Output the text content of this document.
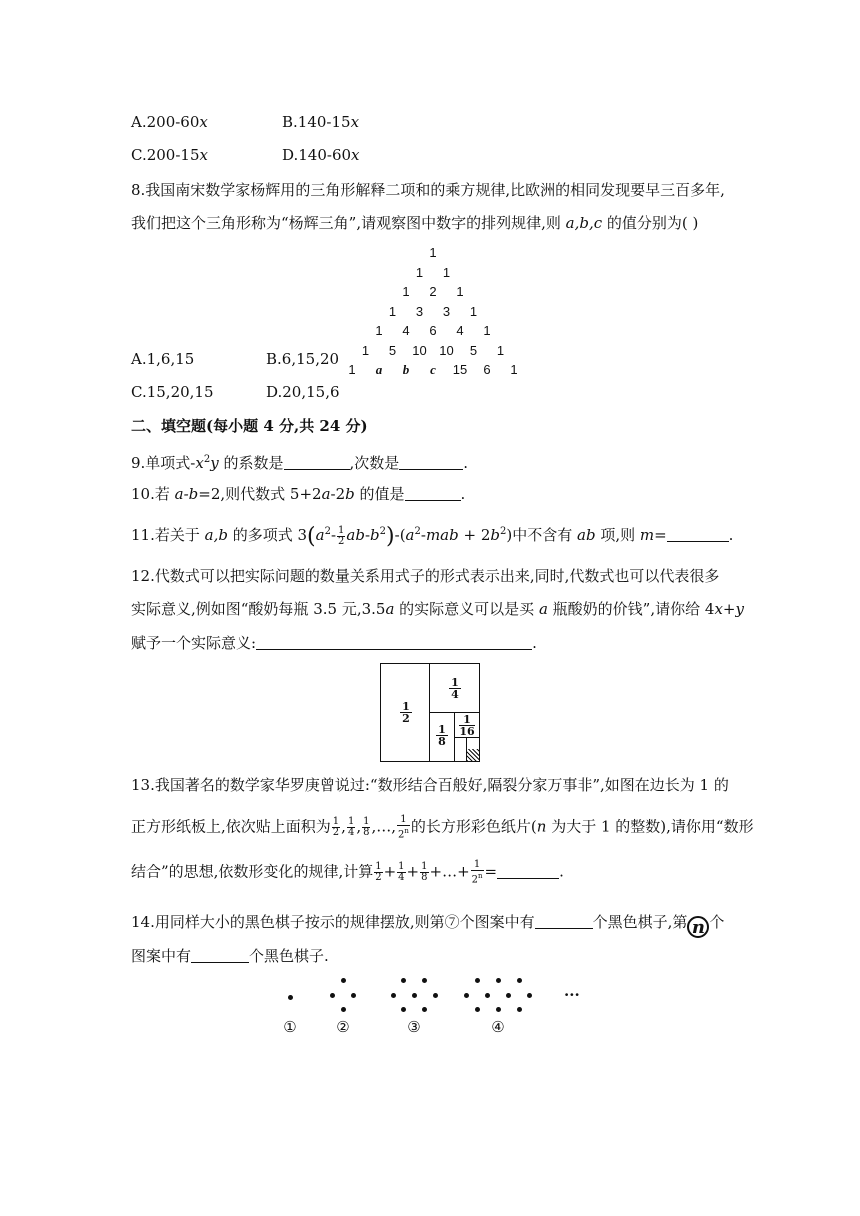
A.200-60x	B.140-15x
C.200-15x	D.140-60x
8.我国南宋数学家杨辉用的三角形解释二项和的乘方规律,比欧洲的相同发现要早三百多年,
我们把这个三角形称为“杨辉三角”,请观察图中数字的排列规律,则 a,b,c 的值分别为( )
1
1 1
1 2 1
1 3 3 1
1 4 6 4 1
1 5 10 10 5 1
1 a b c 15 6 1
A.1,6,15	B.6,15,20
C.15,20,15	D.20,15,6
二、填空题(每小题 4 分,共 24 分)
9.单项式$-x^2y$ 的系数是	,次数是	.
10.若 a-b=2,则代数式 5+2a-2b 的值是	.
11.若关于 a,b 的多项式 $3(a^2- \frac{1}{2} ab-b^2)-(a^2-mab + 2b^2)$中不含有 ab 项,则 m=	.
12.代数式可以把实际问题的数量关系用式子的形式表示出来,同时,代数式也可以代表很多
实际意义,例如图“酸奶每瓶 3.5 元,3.5a 的实际意义可以是买 a 瓶酸奶的价钱”,请你给 4x+y
赋予一个实际意义:	.
1
2
1
4
1
8
1
16
13.我国著名的数学家华罗庚曾说过:“数形结合百般好,隔裂分家万事非”,如图在边长为 1 的
正方形纸板上,依次贴上面积为 $\frac{1}{2}$ , $\frac{1}{4}$ , $\frac{1}{8}$ ,…, $\frac{1}{2^n}$ 的长方形彩色纸片(n 为大于 1 的整数),请你用“数形
结合”的思想,依数形变化的规律,计算 $\frac{1}{2} + \frac{1}{4} + \frac{1}{8}$ +…+ $\frac{1}{2^n}$ =	.
14.用同样大小的黑色棋子按示的规律摆放,则第⑦个图案中有	个黑色棋子,第 n 个
图案中有	个黑色棋子.
①	②	③	④
···
